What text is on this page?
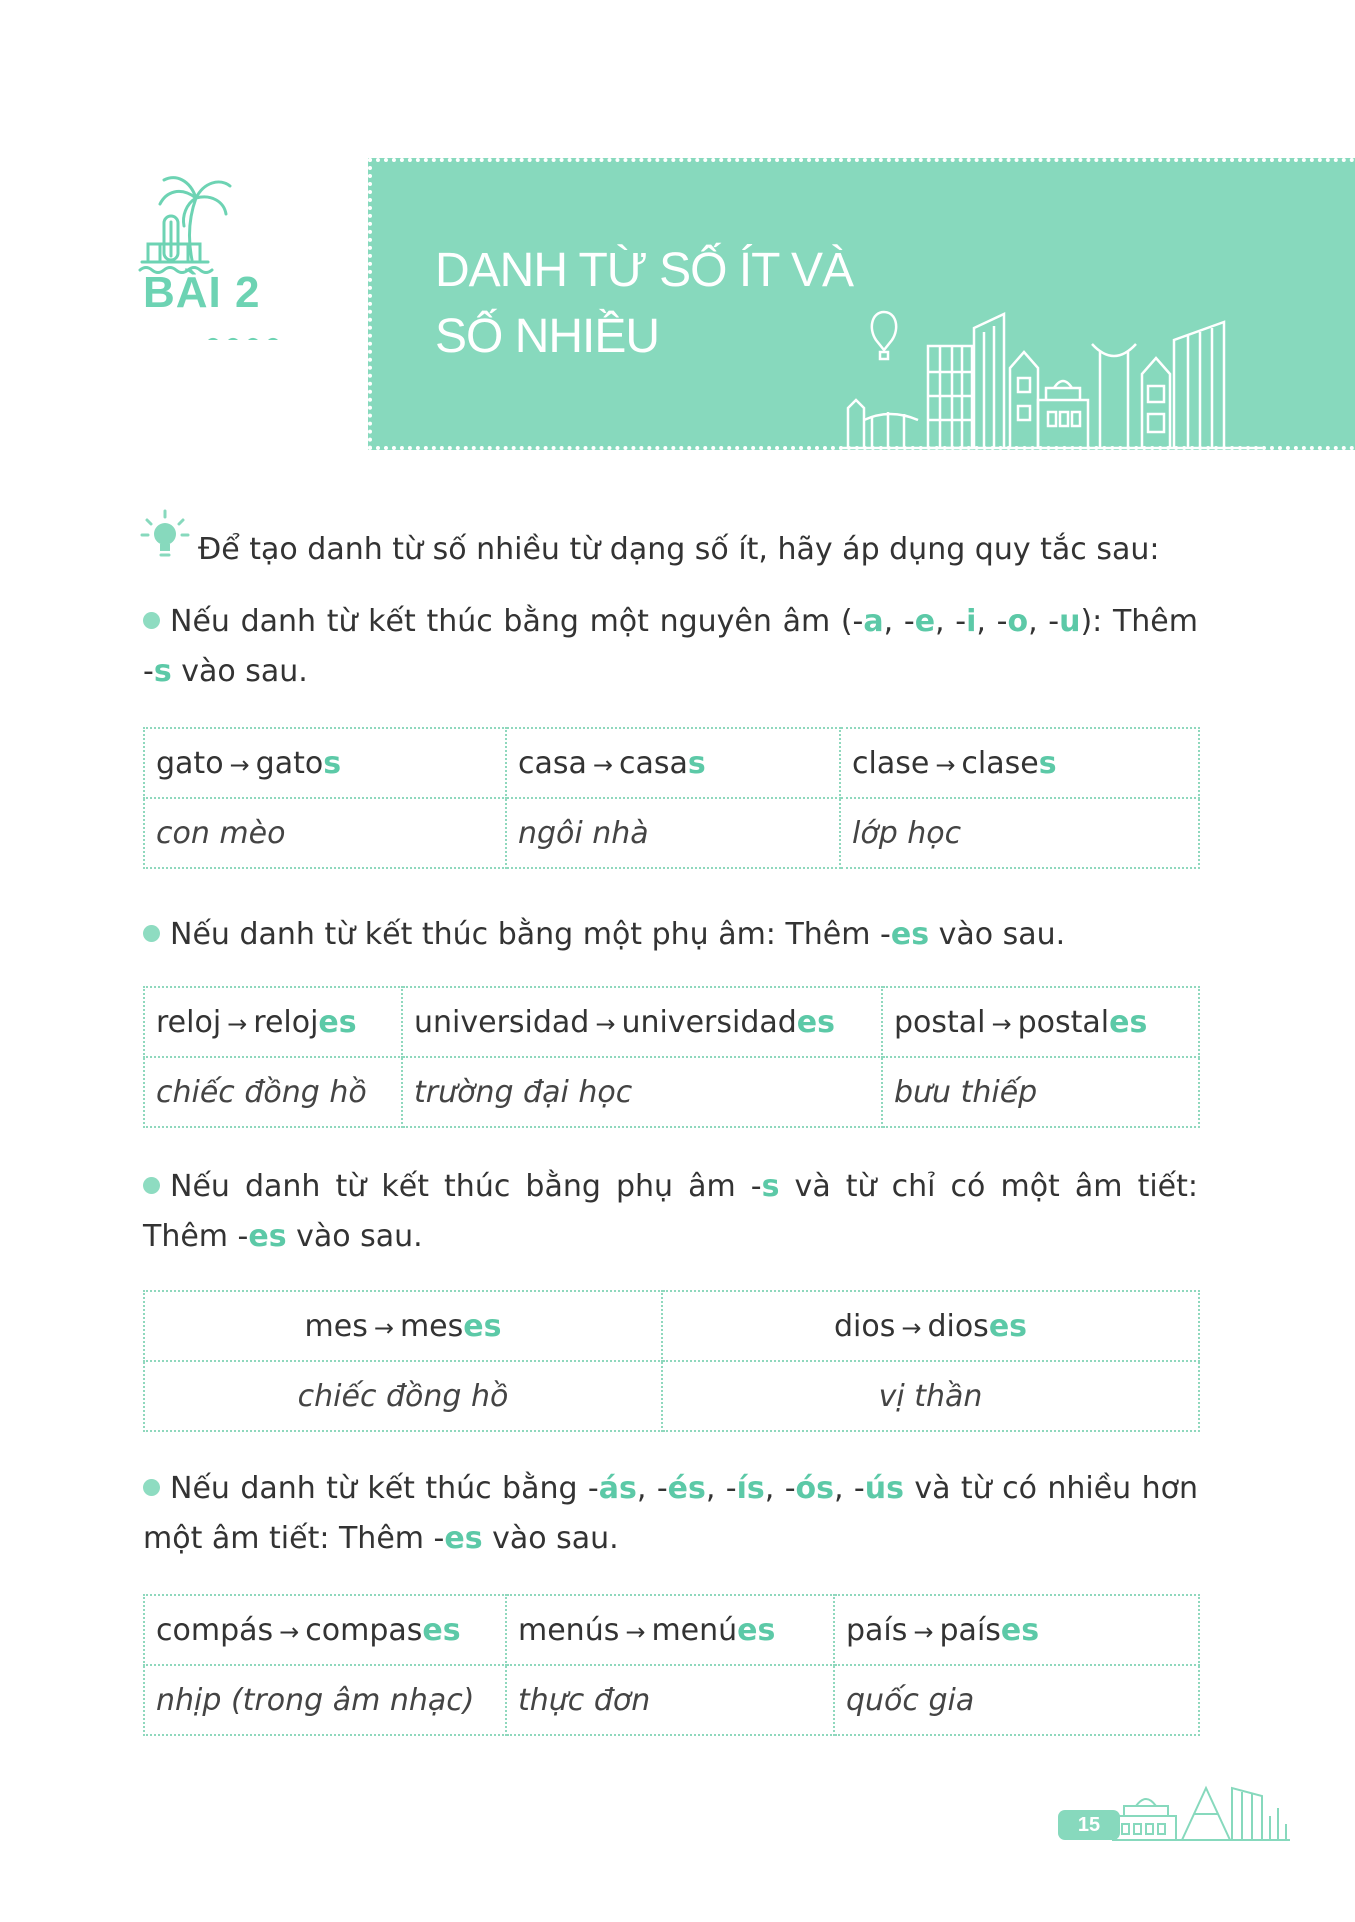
BÀI 2	DANH TỪ SỐ ÍT VÀ
SỐ NHIỀU

Để tạo danh từ số nhiều từ dạng số ít, hãy áp dụng quy tắc sau:

Nếu danh từ kết thúc bằng một nguyên âm (-a, -e, -i, -o, -u): Thêm -s vào sau.

gato → gatos	casa → casas	clase → clases
con mèo	ngôi nhà	lớp học

Nếu danh từ kết thúc bằng một phụ âm: Thêm -es vào sau.

reloj → relojes	universidad → universidades	postal → postales
chiếc đồng hồ	trường đại học	bưu thiếp

Nếu danh từ kết thúc bằng phụ âm -s và từ chỉ có một âm tiết: Thêm -es vào sau.

mes → meses	dios → dioses
chiếc đồng hồ	vị thần

Nếu danh từ kết thúc bằng -ás, -és, -ís, -ós, -ús và từ có nhiều hơn một âm tiết: Thêm -es vào sau.

compás → compases	menús → menúes	país → países
nhịp (trong âm nhạc)	thực đơn	quốc gia
15
